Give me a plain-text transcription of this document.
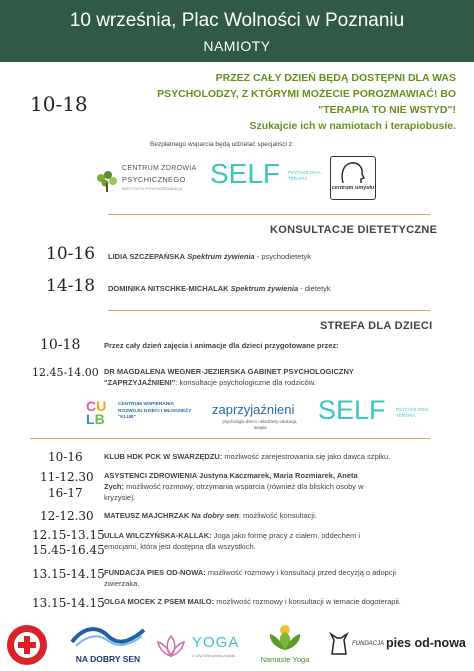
10 września, Plac Wolności w Poznaniu
NAMIOTY
10-18
PRZEZ CAŁY DZIEŃ BĘDĄ DOSTĘPNI DLA WAS
PSYCHOLODZY, Z KTÓRYMI MOŻECIE POROZMAWIAĆ! BO
"TERAPIA TO NIE WSTYD"!
Szukajcie ich w namiotach i terapiobusie.
Bezpłatnego wsparcia będą udzielać specjaliści z:
CENTRUM ZDROWIA
PSYCHICZNEGO
INSTYTUTU PSYCHOEDUKACJI SELF PSYCHOLOGIA TERAPIA
centrum umysłu
KONSULTACJE DIETETYCZNE
10-16 LIDIA SZCZEPAŃSKA Spektrum żywienia - psychodietetyk
14-18 DOMINIKA NITSCHKE-MICHALAK Spektrum żywienia - dietetyk
STREFA DLA DZIECI
10-18	Przez cały dzień zajęcia i animacje dla dzieci przygotowane przez:
12.45-14.00 DR MAGDALENA WEGNER-JEZIERSKA GABINET PSYCHOLOGICZNY
"ZAPRZYJAŹNIENI": konsultacje psychologiczne dla rodziców.
CU
LB
CENTRUM WSPIERANIA ROZWOJU DZIECI I MŁODZIEŻY "KLUB"
zaprzyjaźnieni
psychologia dzieci i młodzieży edukacja, terapia
SELF PSYCHOLOGIA TERAPIA
10-16	KLUB HDK PCK W SWARZĘDZU: możliwość zarejestrowania się jako dawca szpiku.
11-12.30
16-17
ASYSTENCI ZDROWIENIA Justyna Kaczmarek, Maria Rozmiarek, Aneta Zych: możliwość rozmowy, otrzymania wsparcia (również dla bliskich osoby w kryzysie).
12-12.30 MATEUSZ MAJCHRZAK Na dobry sen: możliwość konsultacji.
12.15-13.15
15.45-16.45
ULLA WILCZYŃSKA-KALLAK: Joga jako formę pracy z ciałem, oddechem i emocjami, która jest dostępna dla wszystkich.
13.15-14.15 FUNDACJA PIES OD-NOWA: możliwość rozmowy i konsultacji przed decyzją o adopcji zwierzaka.
13.15-14.15 OLGA MOCEK Z PSEM MAILO: możliwość rozmowy i konsultacji w temacie dogoterapii.
NA DOBRY SEN
YOGA
z Ullą Wilczyńską-Kallak	Namaste Yoga
FUNDACJA pies od-nowa
